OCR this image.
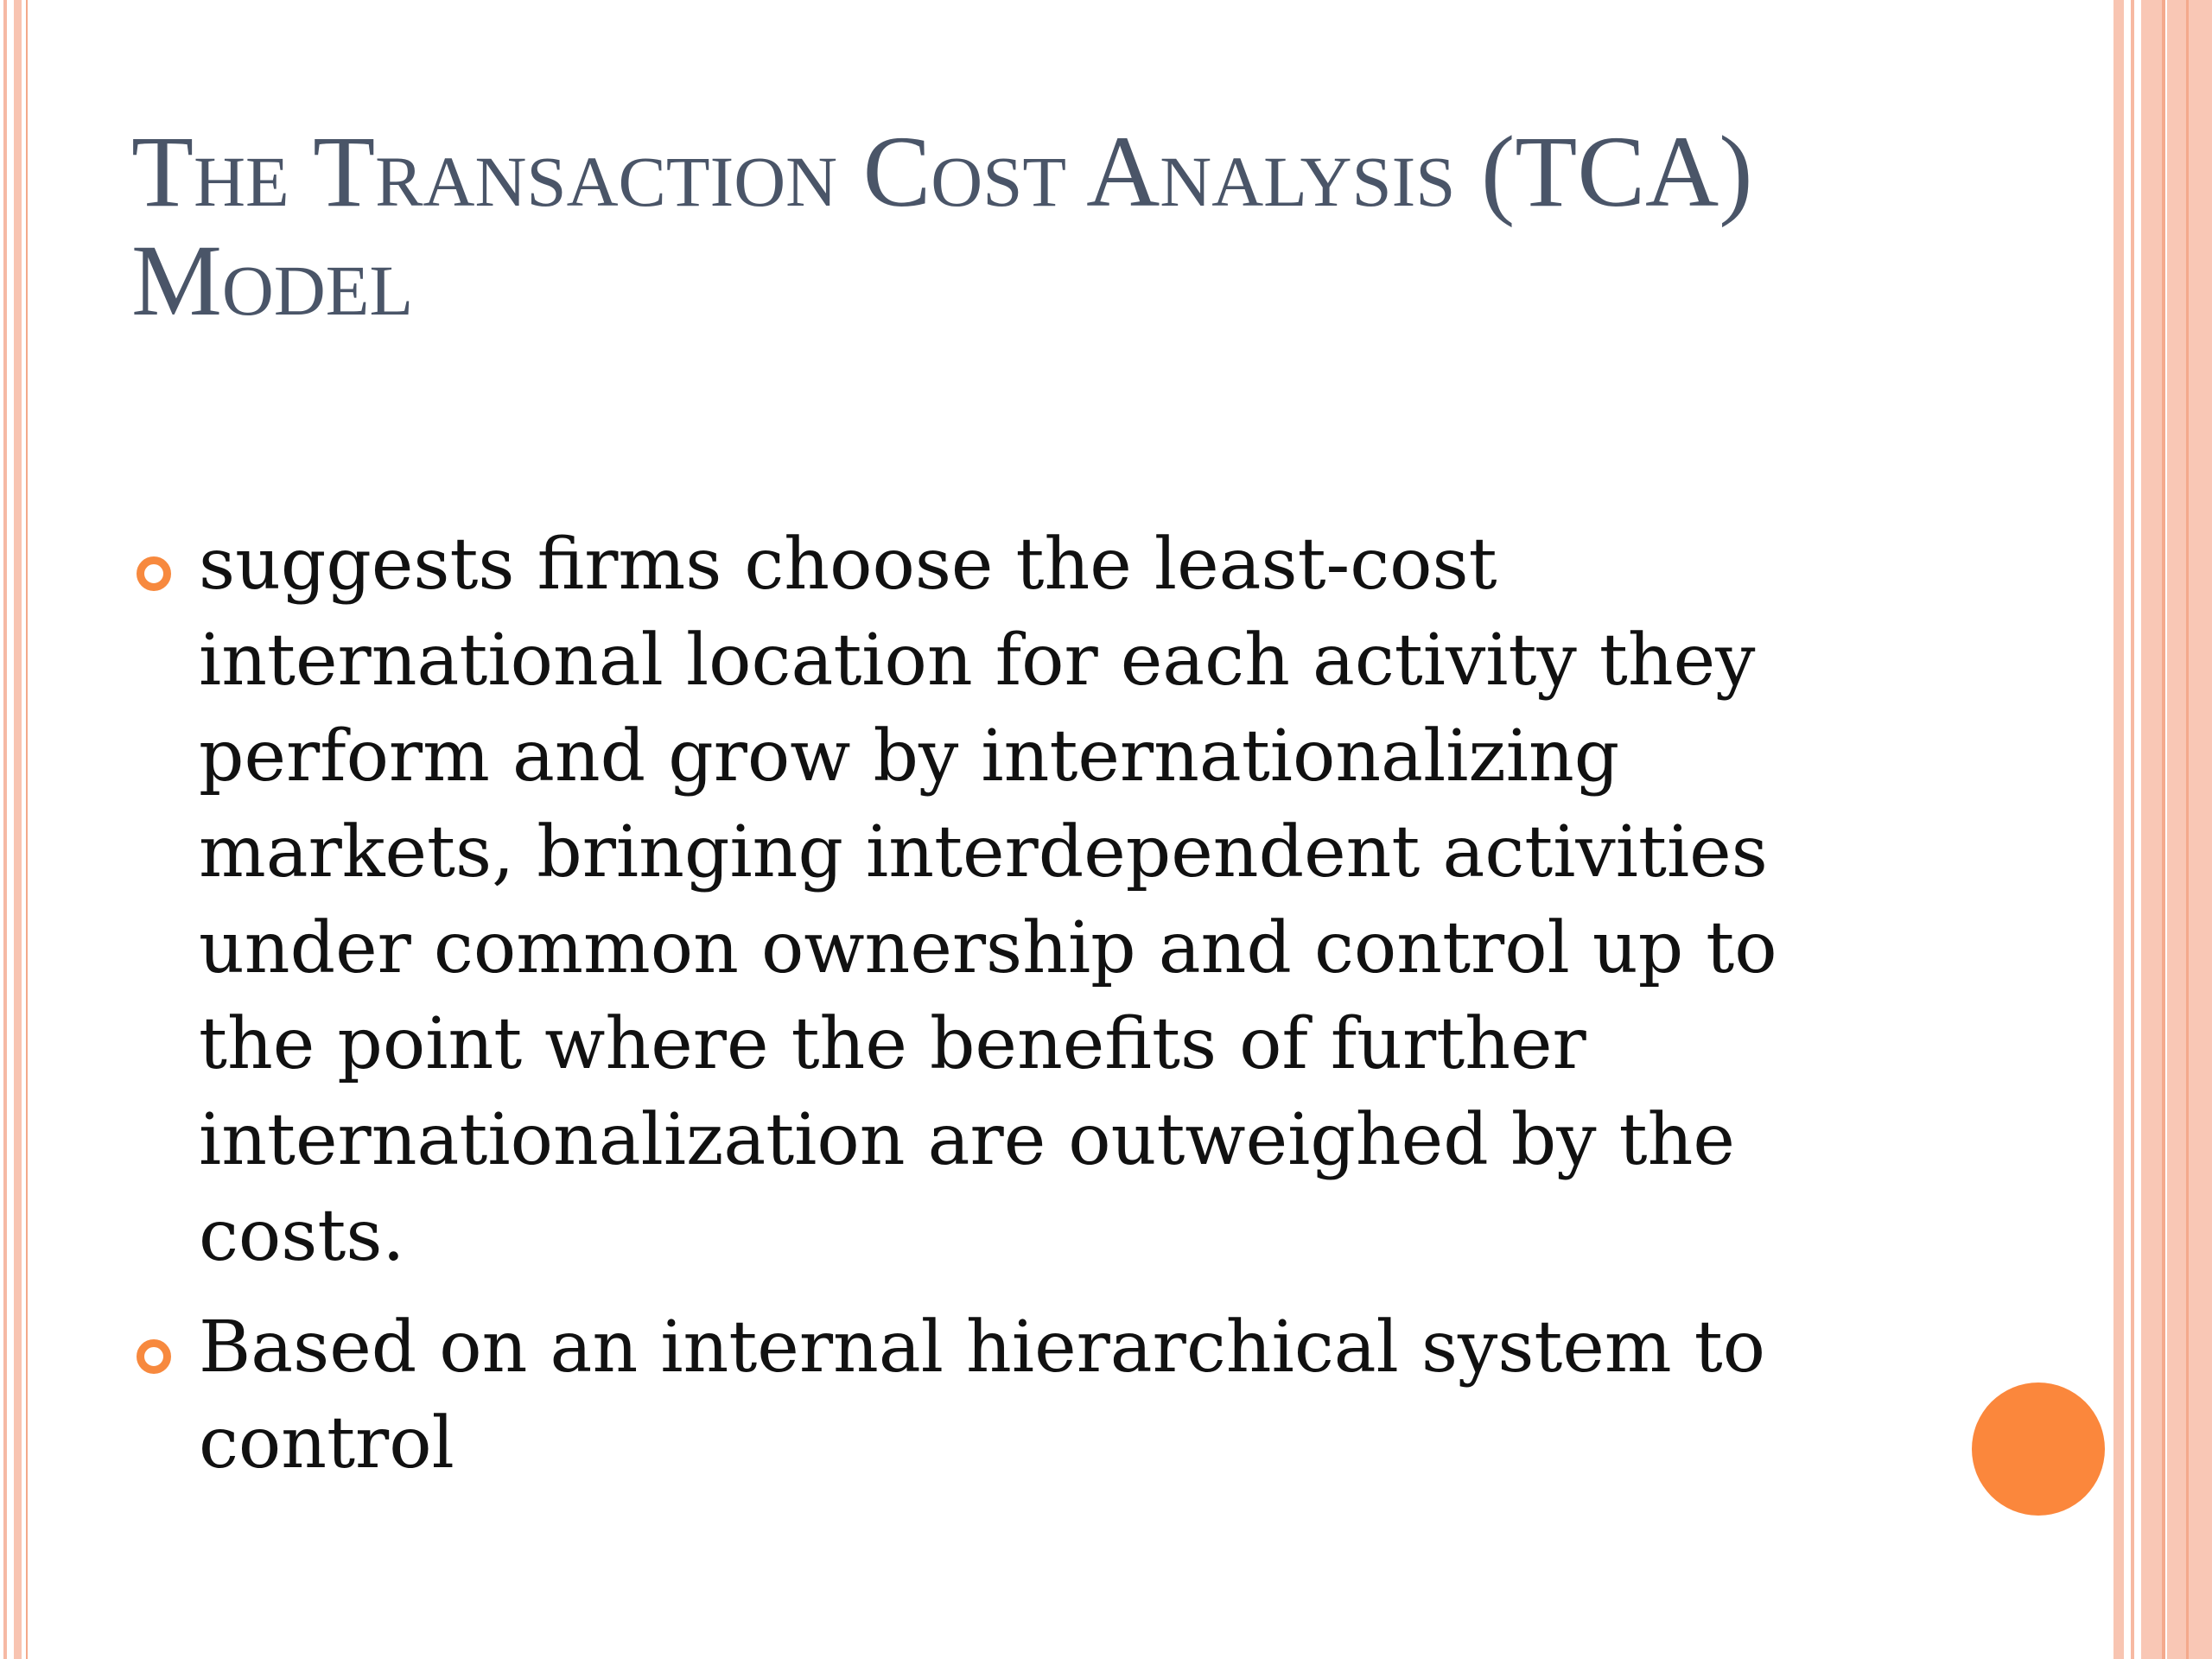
The Transaction Cost Analysis (TCA) Model
suggests firms choose the least-cost international location for each activity they perform and grow by internationalizing markets, bringing interdependent activities under common ownership and control up to the point where the benefits of further internationalization are outweighed by the costs.
Based on an internal hierarchical system to control
